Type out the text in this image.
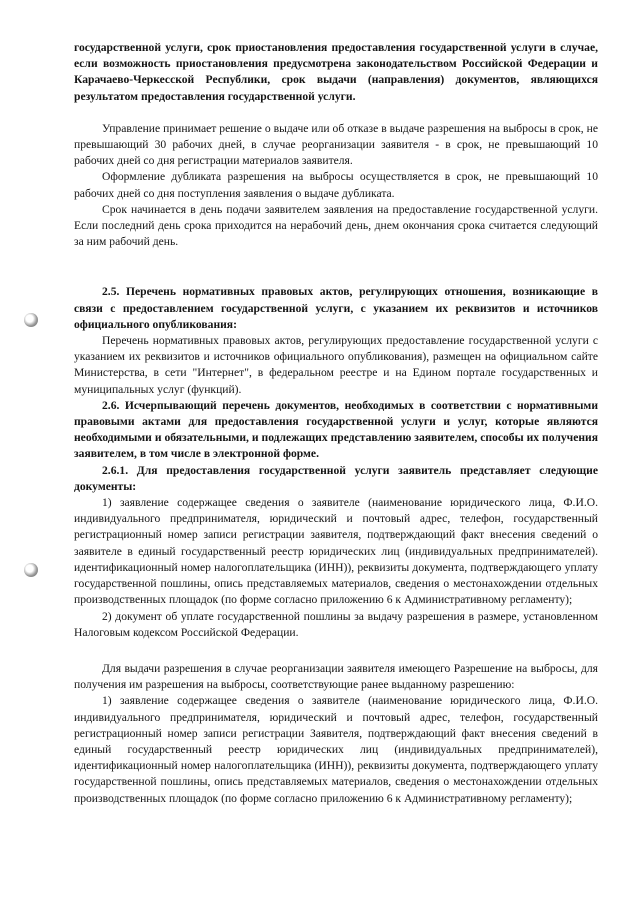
государственной услуги, срок приостановления предоставления государственной услуги в случае, если возможность приостановления предусмотрена законодательством Российской Федерации и Карачаево-Черкесской Республики, срок выдачи (направления) документов, являющихся результатом предоставления государственной услуги.

Управление принимает решение о выдаче или об отказе в выдаче разрешения на выбросы в срок, не превышающий 30 рабочих дней, в случае реорганизации заявителя - в срок, не превышающий 10 рабочих дней со дня регистрации материалов заявителя.

Оформление дубликата разрешения на выбросы осуществляется в срок, не превышающий 10 рабочих дней со дня поступления заявления о выдаче дубликата.

Срок начинается в день подачи заявителем заявления на предоставление государственной услуги. Если последний день срока приходится на нерабочий день, днем окончания срока считается следующий за ним рабочий день.

2.5. Перечень нормативных правовых актов, регулирующих отношения, возникающие в связи с предоставлением государственной услуги, с указанием их реквизитов и источников официального опубликования:

Перечень нормативных правовых актов, регулирующих предоставление государственной услуги с указанием их реквизитов и источников официального опубликования), размещен на официальном сайте Министерства, в сети "Интернет", в федеральном реестре и на Едином портале государственных и муниципальных услуг (функций).

2.6. Исчерпывающий перечень документов, необходимых в соответствии с нормативными правовыми актами для предоставления государственной услуги и услуг, которые являются необходимыми и обязательными, и подлежащих представлению заявителем, способы их получения заявителем, в том числе в электронной форме.

2.6.1. Для предоставления государственной услуги заявитель представляет следующие документы:

1) заявление содержащее сведения о заявителе (наименование юридического лица, Ф.И.О. индивидуального предпринимателя, юридический и почтовый адрес, телефон, государственный регистрационный номер записи регистрации заявителя, подтверждающий факт внесения сведений о заявителе в единый государственный реестр юридических лиц (индивидуальных предпринимателей). идентификационный номер налогоплательщика (ИНН)), реквизиты документа, подтверждающего уплату государственной пошлины, опись представляемых материалов, сведения о местонахождении отдельных производственных площадок (по форме согласно приложению 6 к Административному регламенту);

2) документ об уплате государственной пошлины за выдачу разрешения в размере, установленном Налоговым кодексом Российской Федерации.

Для выдачи разрешения в случае реорганизации заявителя имеющего Разрешение на выбросы, для получения им разрешения на выбросы, соответствующие ранее выданному разрешению:

1) заявление содержащее сведения о заявителе (наименование юридического лица, Ф.И.О. индивидуального предпринимателя, юридический и почтовый адрес, телефон, государственный регистрационный номер записи регистрации Заявителя, подтверждающий факт внесения сведений в единый государственный реестр юридических лиц (индивидуальных предпринимателей), идентификационный номер налогоплательщика (ИНН)), реквизиты документа, подтверждающего уплату государственной пошлины, опись представляемых материалов, сведения о местонахождении отдельных производственных площадок (по форме согласно приложению 6 к Административному регламенту);
